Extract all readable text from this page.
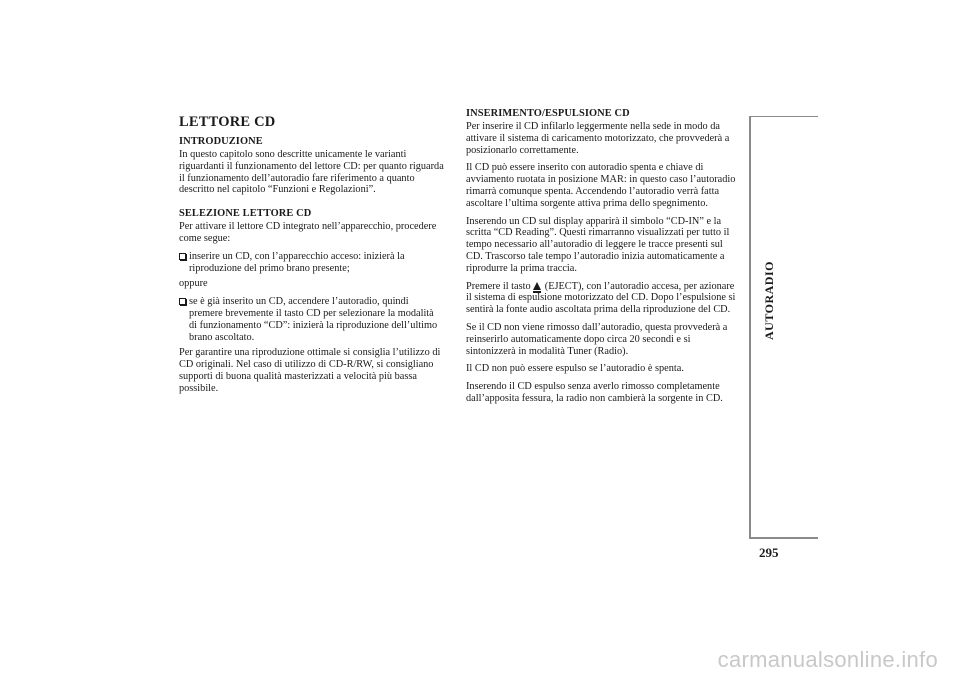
LETTORE CD
INTRODUZIONE

In questo capitolo sono descritte unicamente le varianti riguardanti il funzionamento del lettore CD: per quanto riguarda il funzionamento dell’autoradio fare riferimento a quanto descritto nel capitolo “Funzioni e Regolazioni”.

SELEZIONE LETTORE CD

Per attivare il lettore CD integrato nell’apparecchio, procedere come segue:

inserire un CD, con l’apparecchio acceso: inizierà la riproduzione del primo brano presente;

oppure

se è già inserito un CD, accendere l’autoradio, quindi premere brevemente il tasto CD per selezionare la modalità di funzionamento “CD”: inizierà la riproduzione dell’ultimo brano ascoltato.

Per garantire una riproduzione ottimale si consiglia l’utilizzo di CD originali. Nel caso di utilizzo di CD-R/RW, si consigliano supporti di buona qualità masterizzati a velocità più bassa possibile.

INSERIMENTO/ESPULSIONE CD

Per inserire il CD infilarlo leggermente nella sede in modo da attivare il sistema di caricamento motorizzato, che provvederà a posizionarlo correttamente.

Il CD può essere inserito con autoradio spenta e chiave di avviamento ruotata in posizione MAR: in questo caso l’autoradio rimarrà comunque spenta. Accendendo l’autoradio verrà fatta ascoltare l’ultima sorgente attiva prima dello spegnimento.

Inserendo un CD sul display apparirà il simbolo “CD-IN” e la scritta “CD Reading”. Questi rimarranno visualizzati per tutto il tempo necessario all’autoradio di leggere le tracce presenti sul CD. Trascorso tale tempo l’autoradio inizia automaticamente a riprodurre la prima traccia.

Premere il tasto (EJECT), con l’autoradio accesa, per azionare il sistema di espulsione motorizzato del CD. Dopo l’espulsione si sentirà la fonte audio ascoltata prima della riproduzione del CD.

Se il CD non viene rimosso dall’autoradio, questa provvederà a reinserirlo automaticamente dopo circa 20 secondi e si sintonizzerà in modalità Tuner (Radio).

Il CD non può essere espulso se l’autoradio è spenta.

Inserendo il CD espulso senza averlo rimosso completamente dall’apposita fessura, la radio non cambierà la sorgente in CD.

AUTORADIO
295
carmanualsonline.info
